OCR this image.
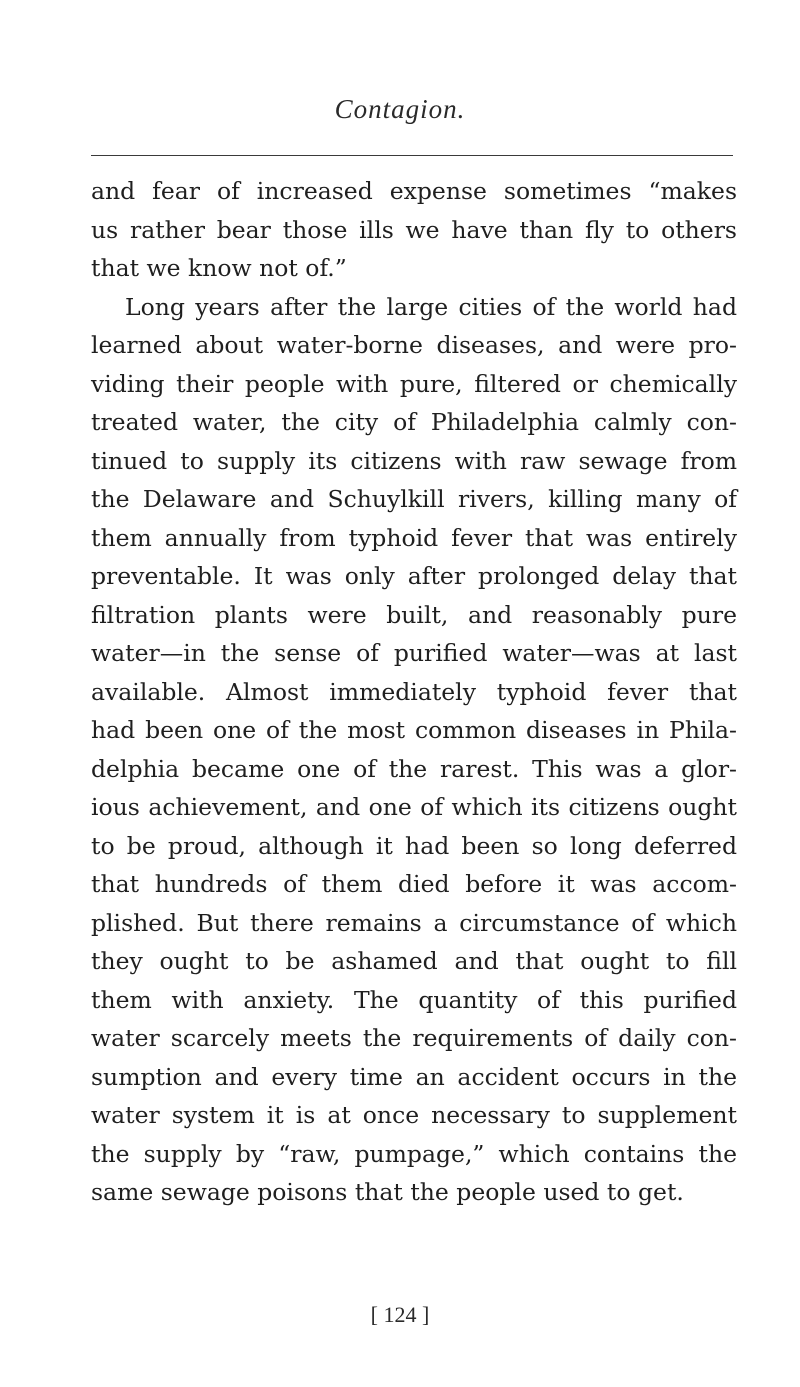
Contagion.
and fear of increased expense sometimes “makes
us rather bear those ills we have than fly to others
that we know not of.”
Long years after the large cities of the world had
learned about water-borne diseases, and were pro-
viding their people with pure, filtered or chemically
treated water, the city of Philadelphia calmly con-
tinued to supply its citizens with raw sewage from
the Delaware and Schuylkill rivers, killing many of
them annually from typhoid fever that was entirely
preventable. It was only after prolonged delay that
filtration plants were built, and reasonably pure
water—in the sense of purified water—was at last
available. Almost immediately typhoid fever that
had been one of the most common diseases in Phila-
delphia became one of the rarest. This was a glor-
ious achievement, and one of which its citizens ought
to be proud, although it had been so long deferred
that hundreds of them died before it was accom-
plished. But there remains a circumstance of which
they ought to be ashamed and that ought to fill
them with anxiety. The quantity of this purified
water scarcely meets the requirements of daily con-
sumption and every time an accident occurs in the
water system it is at once necessary to supplement
the supply by “raw, pumpage,” which contains the
same sewage poisons that the people used to get.
[ 124 ]
